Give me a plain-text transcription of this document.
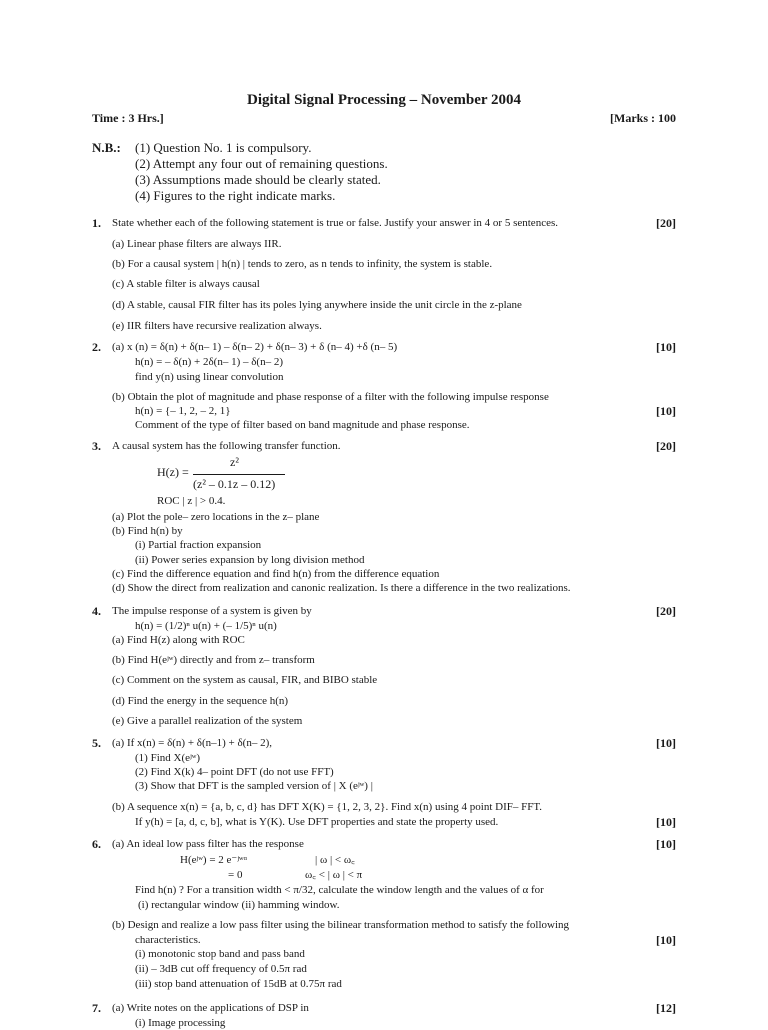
Digital Signal Processing – November 2004
Time : 3 Hrs.]	[Marks : 100
N.B.: (1) Question No. 1 is compulsory.
(2) Attempt any four out of remaining questions.
(3) Assumptions made should be clearly stated.
(4) Figures to the right indicate marks.
1. State whether each of the following statement is true or false. Justify your answer in 4 or 5 sentences.	[20]
(a) Linear phase filters are always IIR.
(b) For a causal system | h(n) | tends to zero, as n tends to infinity, the system is stable.
(c) A stable filter is always causal
(d) A stable, causal FIR filter has its poles lying anywhere inside the unit circle in the z-plane
(e) IIR filters have recursive realization always.
2. (a) x (n) = δ(n) + δ(n– 1) – δ(n– 2) + δ(n– 3) + δ (n– 4) +δ (n– 5)	[10]
h(n) = – δ(n) + 2δ(n– 1) – δ(n– 2)
find y(n) using linear convolution
(b) Obtain the plot of magnitude and phase response of a filter with the following impulse response
h(n) = {– 1, 2, – 2, 1}	[10]
Comment of the type of filter based on band magnitude and phase response.
3. A causal system has the following transfer function.	[20]
H(z) =
z²
(z² – 0.1z – 0.12)
ROC | z | > 0.4.
(a) Plot the pole– zero locations in the z– plane
(b) Find h(n) by
(i) Partial fraction expansion
(ii) Power series expansion by long division method
(c) Find the difference equation and find h(n) from the difference equation
(d) Show the direct from realization and canonic realization. Is there a difference in the two realizations.
4. The impulse response of a system is given by	[20]
h(n) = (1/2)ⁿ u(n) + (– 1/5)ⁿ u(n)
(a) Find H(z) along with ROC
(b) Find H(eʲʷ) directly and from z– transform
(c) Comment on the system as causal, FIR, and BIBO stable
(d) Find the energy in the sequence h(n)
(e) Give a parallel realization of the system
5. (a) If x(n) = δ(n) + δ(n–1) + δ(n– 2),	[10]
(1) Find X(eʲʷ)
(2) Find X(k) 4– point DFT (do not use FFT)
(3) Show that DFT is the sampled version of | X (eʲʷ) |
(b) A sequence x(n) = {a, b, c, d} has DFT X(K) = {1, 2, 3, 2}. Find x(n) using 4 point DIF– FFT.
If y(h) = [a, d, c, b], what is Y(K). Use DFT properties and state the property used.	[10]
6. (a) An ideal low pass filter has the response	[10]
H(eʲʷ) = 2 e⁻ʲʷᵅ	| ω | < ω꜀
= 0	ω꜀ < | ω | < π
Find h(n) ? For a transition width < π/32, calculate the window length and the values of α for
(i) rectangular window (ii) hamming window.
(b) Design and realize a low pass filter using the bilinear transformation method to satisfy the following
characteristics.	[10]
(i) monotonic stop band and pass band
(ii) – 3dB cut off frequency of 0.5π rad
(iii) stop band attenuation of 15dB at 0.75π rad
7. (a) Write notes on the applications of DSP in	[12]
(i) Image processing
